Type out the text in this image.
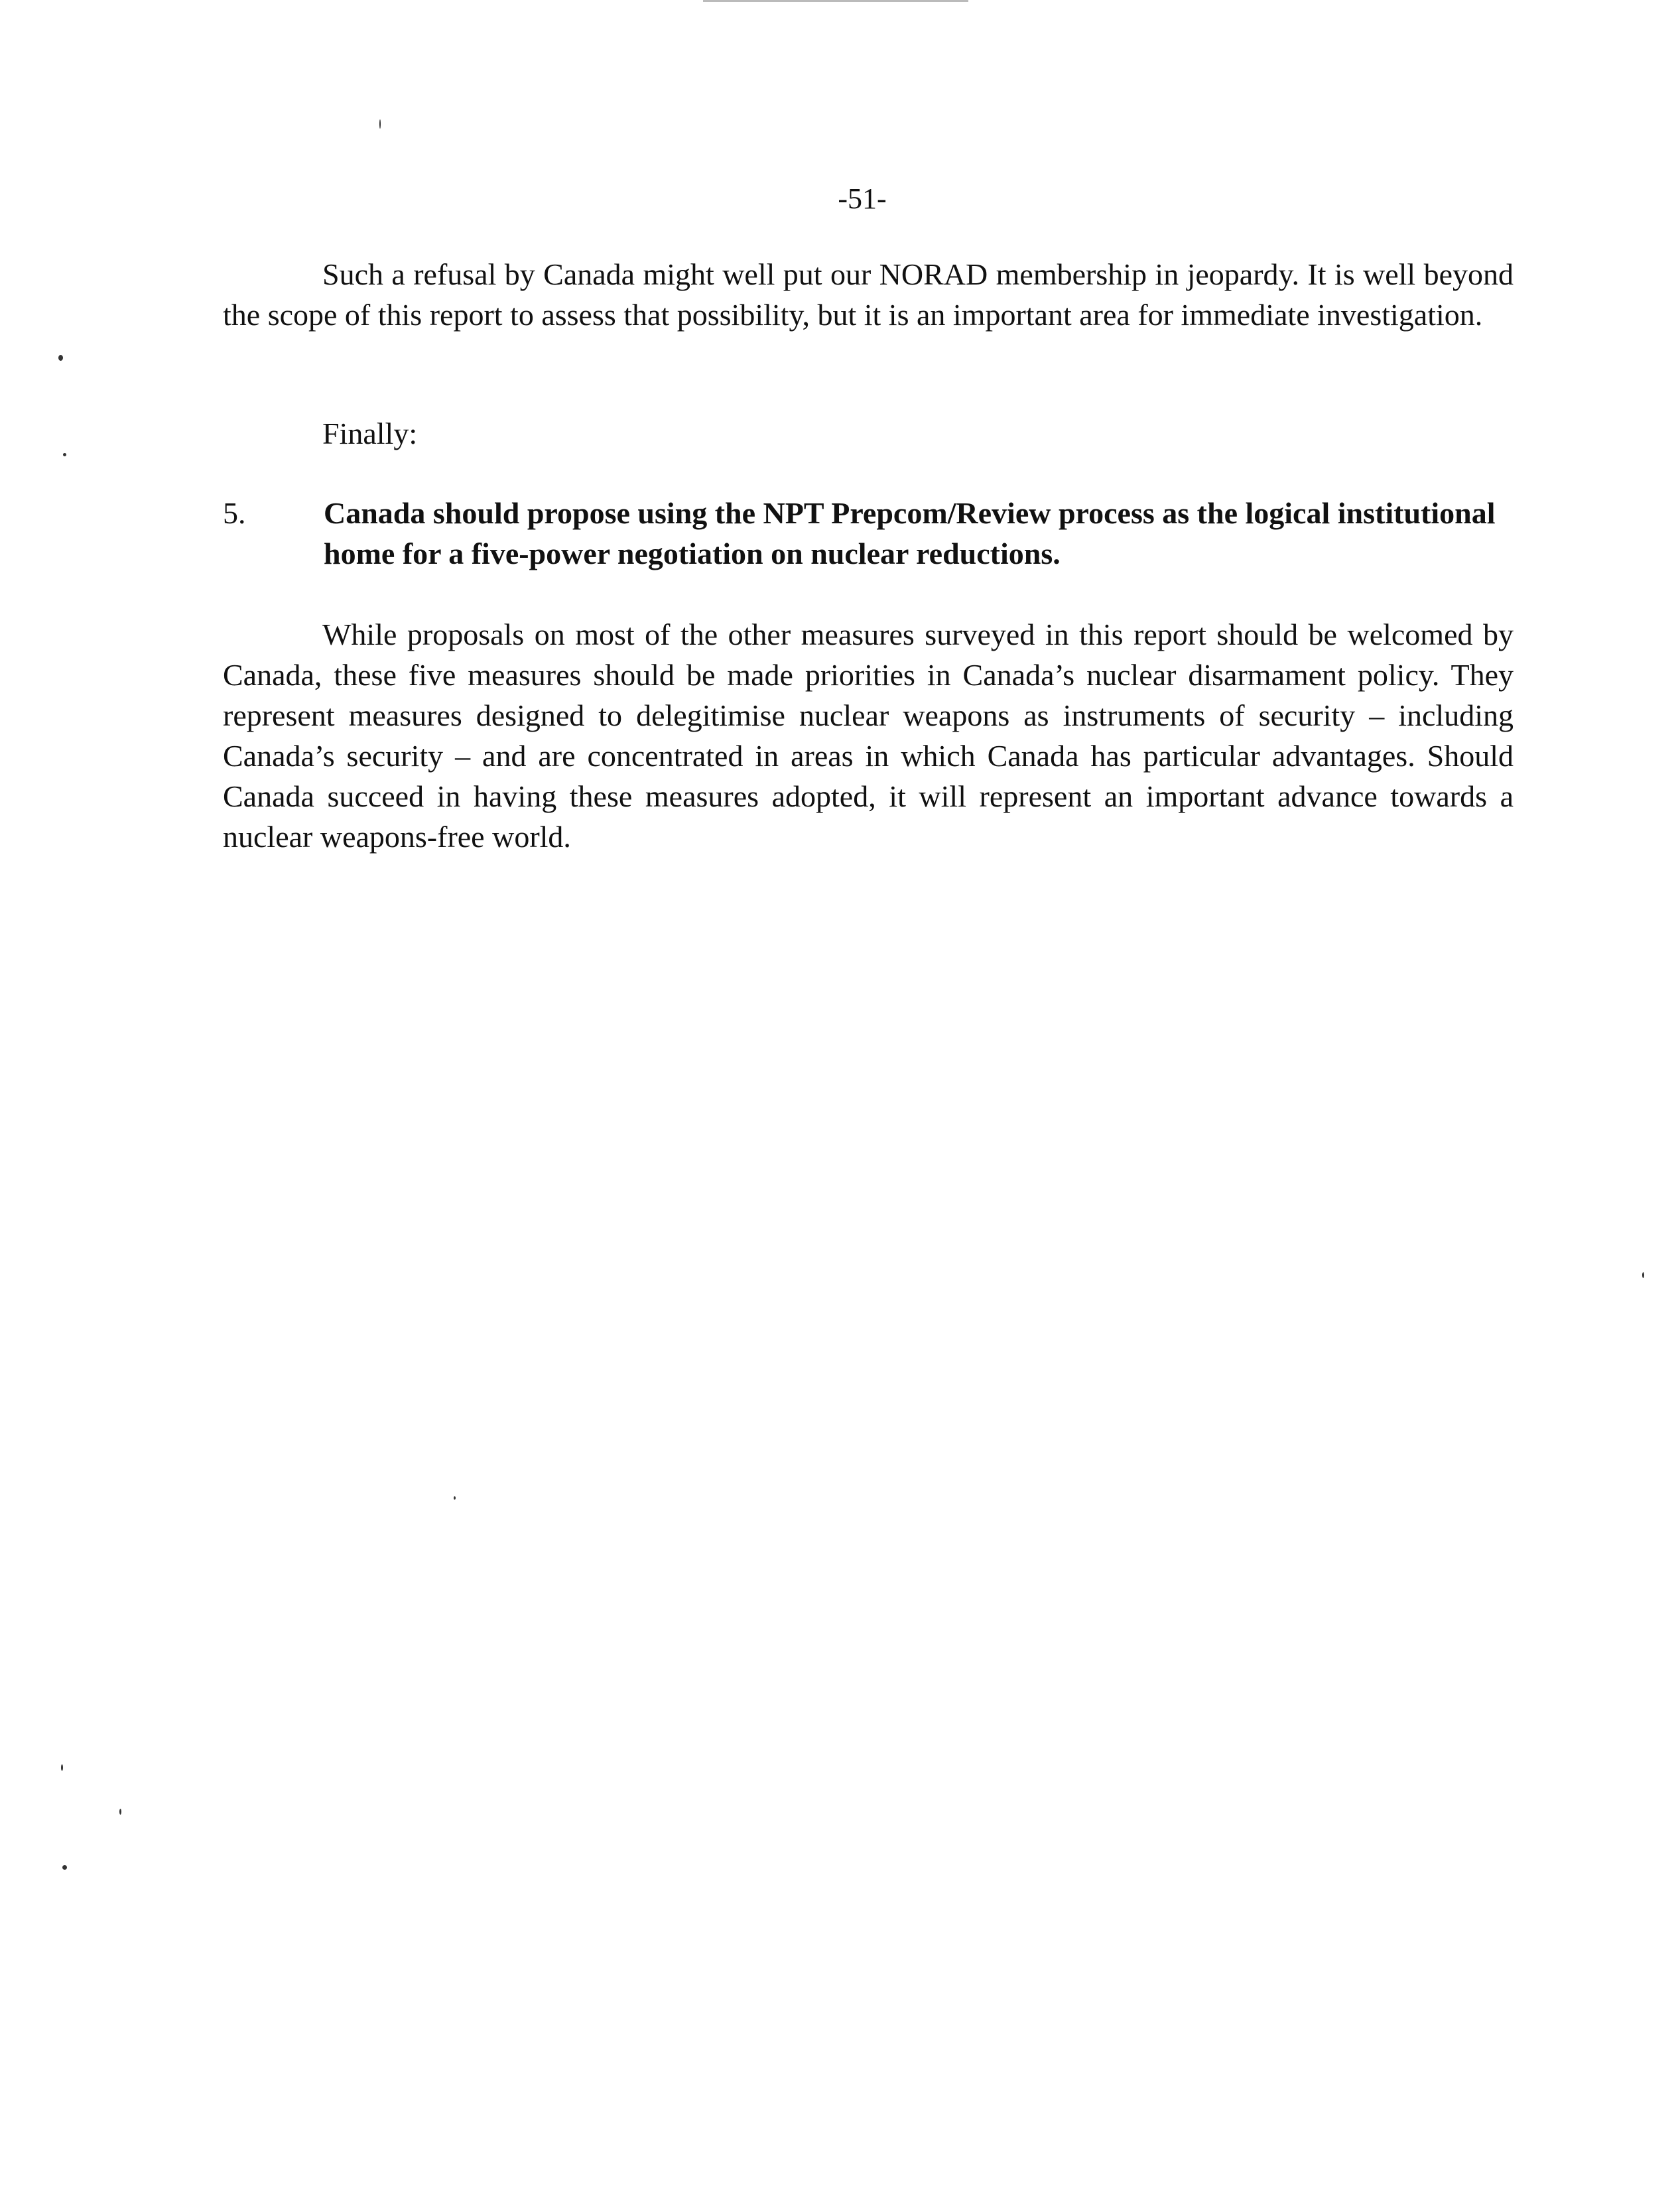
-51-
Such a refusal by Canada might well put our NORAD membership in jeopardy. It is well beyond the scope of this report to assess that possibility, but it is an important area for immediate investigation.
Finally:
5.	Canada should propose using the NPT Prepcom/Review process as the logical institutional home for a five-power negotiation on nuclear reductions.
While proposals on most of the other measures surveyed in this report should be welcomed by Canada, these five measures should be made priorities in Canada’s nuclear disarmament policy. They represent measures designed to delegitimise nuclear weapons as instruments of security – including Canada’s security – and are concentrated in areas in which Canada has particular advantages. Should Canada succeed in having these measures adopted, it will represent an important advance towards a nuclear weapons-free world.
